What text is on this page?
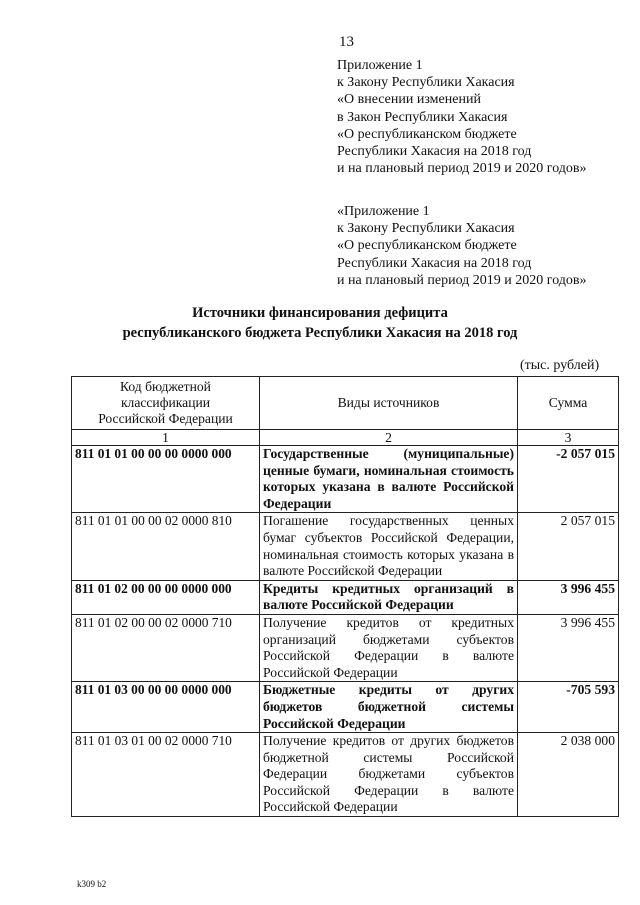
13
Приложение 1
к Закону Республики Хакасия
«О внесении изменений
в Закон Республики Хакасия
«О республиканском бюджете
Республики Хакасия на 2018 год
и на плановый период 2019 и 2020 годов»
«Приложение 1
к Закону Республики Хакасия
«О республиканском бюджете
Республики Хакасия на 2018 год
и на плановый период 2019 и 2020 годов»
Источники финансирования дефицита
республиканского бюджета Республики Хакасия на 2018 год
(тыс. рублей)
Код бюджетной
классификации
Российской Федерации	Виды источников	Сумма
1	2	3
811 01 01 00 00 00 0000 000	Государственные (муниципальные) ценные бумаги, номинальная стоимость которых указана в валюте Российской Федерации	-2 057 015
811 01 01 00 00 02 0000 810	Погашение государственных ценных бумаг субъектов Российской Федерации, номинальная стоимость которых указана в валюте Российской Федерации	2 057 015
811 01 02 00 00 00 0000 000	Кредиты кредитных организаций в валюте Российской Федерации	3 996 455
811 01 02 00 00 02 0000 710	Получение кредитов от кредитных организаций бюджетами субъектов Российской Федерации в валюте Российской Федерации	3 996 455
811 01 03 00 00 00 0000 000	Бюджетные кредиты от других бюджетов бюджетной системы Российской Федерации	-705 593
811 01 03 01 00 02 0000 710	Получение кредитов от других бюджетов бюджетной системы Российской Федерации бюджетами субъектов Российской Федерации в валюте Российской Федерации	2 038 000
k309 b2
